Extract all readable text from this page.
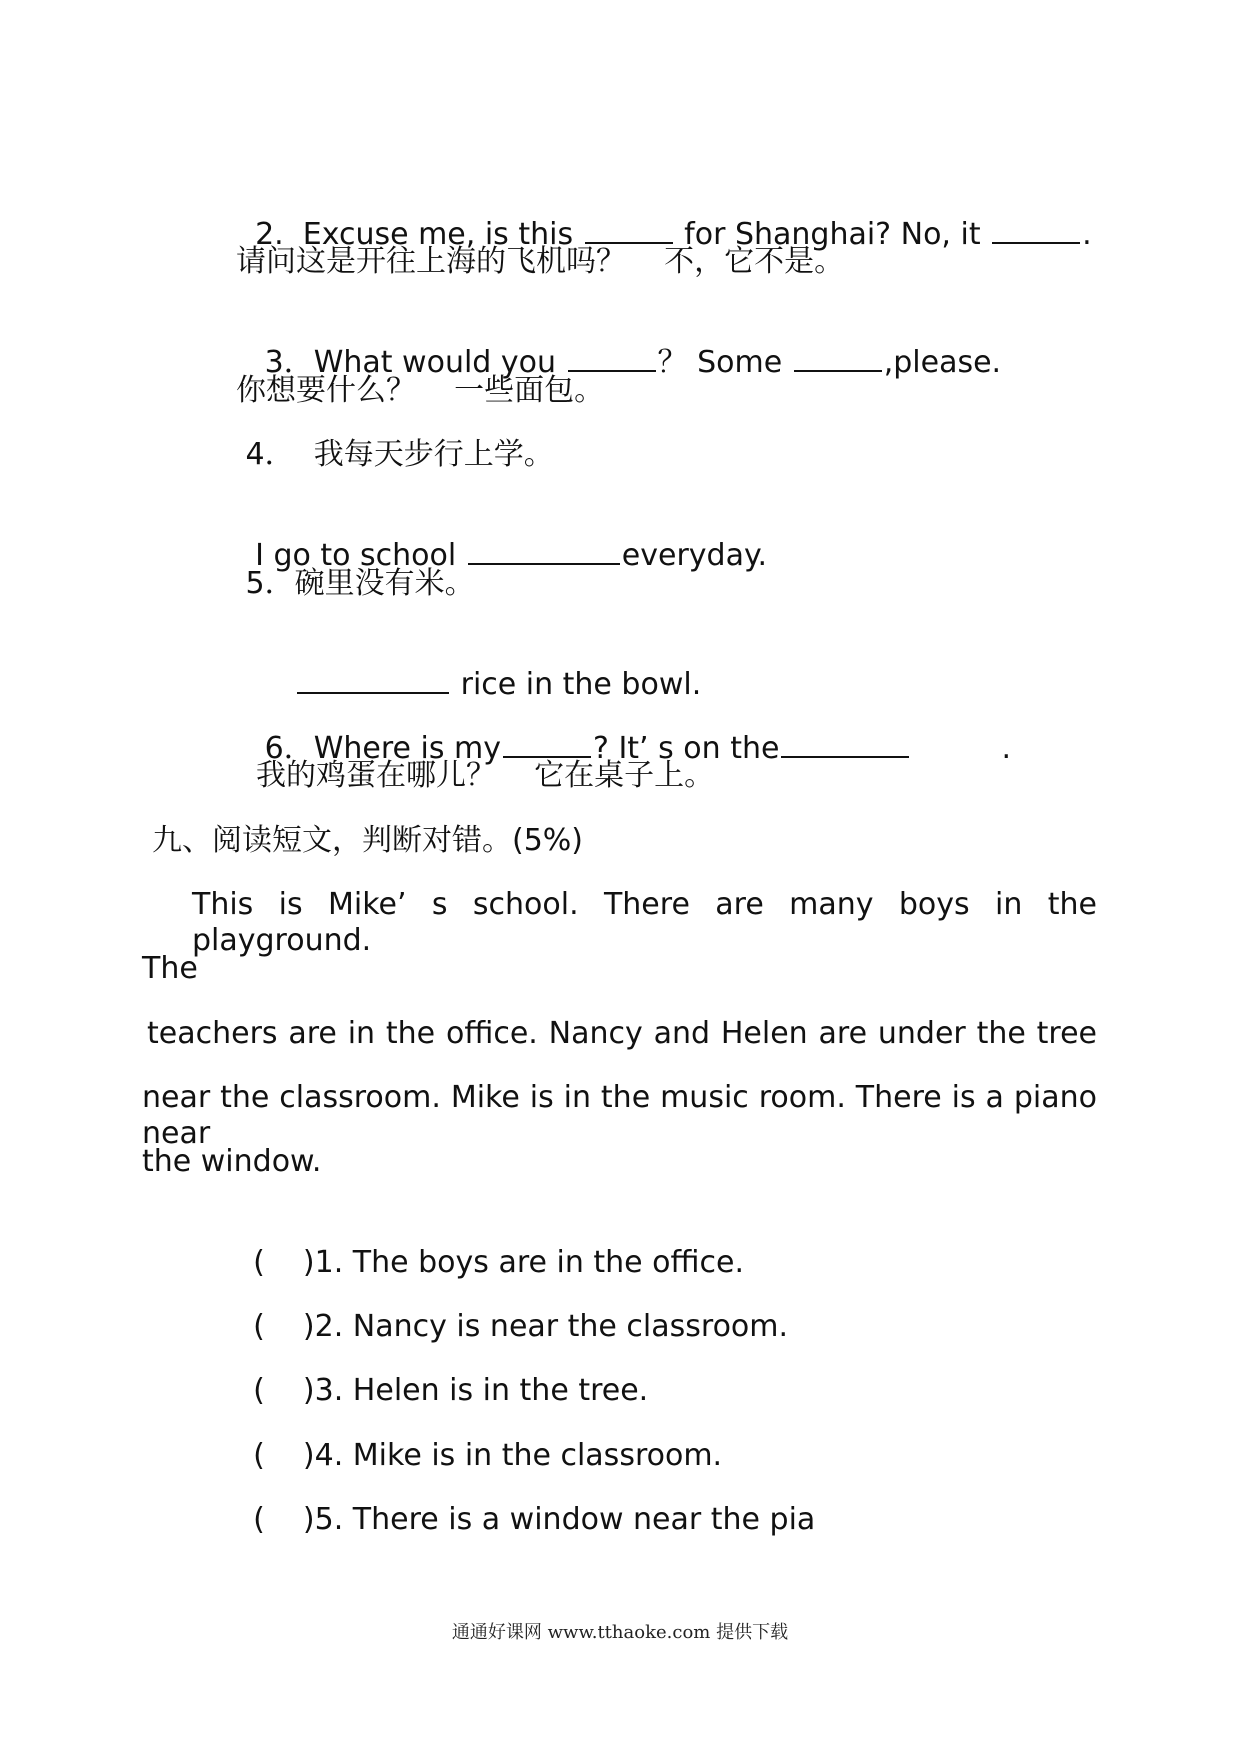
2.  Excuse me, is this	for Shanghai? No, it	.

请问这是开往上海的飞机吗？    不，它不是。

3．What would you	？ Some	,please.

你想要什么？    一些面包。
4．  我每天步行上学。

I go to school	everyday.

5．碗里没有米。

rice in the bowl.

6．Where is my	? It’ s on the	.

我的鸡蛋在哪儿？    它在桌子上。
九、阅读短文，判断对错。(5%)
This is Mike’ s school. There are many boys in the playground.
The
teachers are in the office. Nancy and Helen are under the tree
near the classroom. Mike is in the music room. There is a piano near
the window.

(    )1. The boys are in the office.

(    )2. Nancy is near the classroom.

(    )3. Helen is in the tree.

(    )4. Mike is in the classroom.

(    )5. There is a window near the pia

通通好课网 www.tthaoke.com 提供下载
